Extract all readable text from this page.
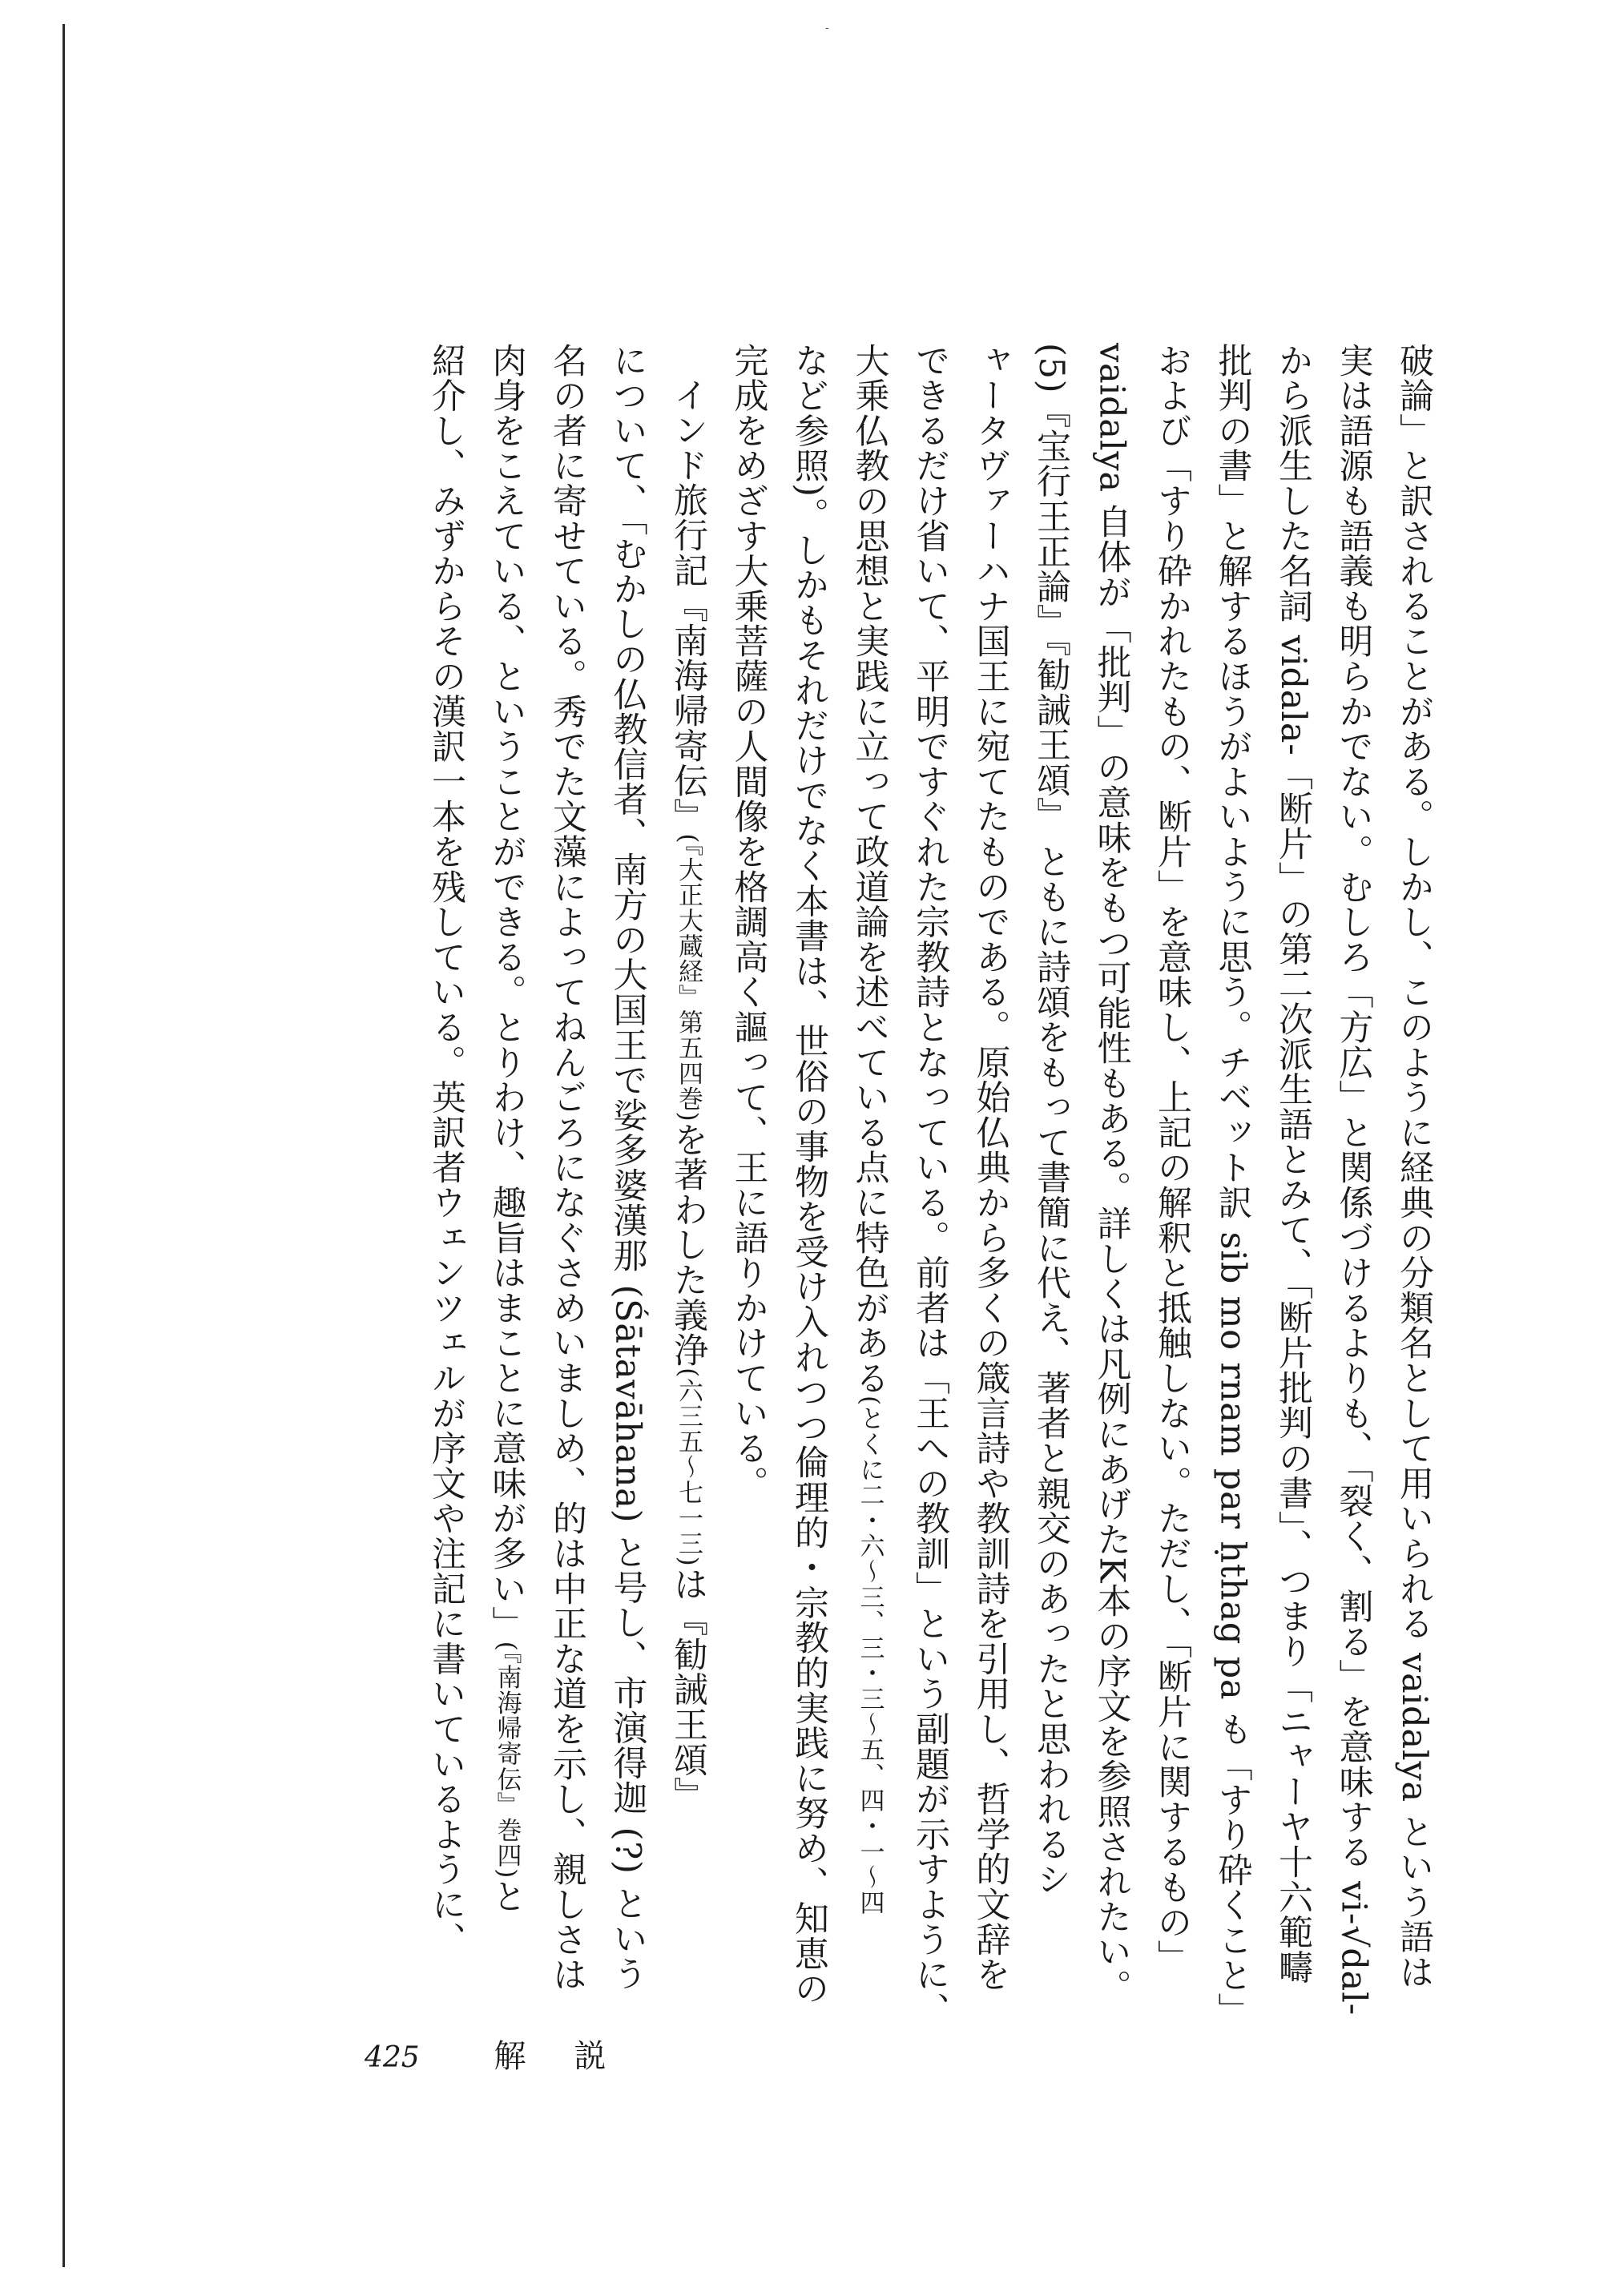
-
破論」と訳されることがある。しかし、このように経典の分類名として用いられる vaidalya という語は
実は語源も語義も明らかでない。むしろ「方広」と関係づけるよりも、「裂く、割る」を意味する vi-√dal-
から派生した名詞 vidala-「断片」の第二次派生語とみて、「断片批判の書」、つまり「ニャーヤ十六範疇
批判の書」と解するほうがよいように思う。チベット訳 sib mo rnam par ḥthag pa も「すり砕くこと」
および「すり砕かれたもの、断片」を意味し、上記の解釈と抵触しない。ただし、「断片に関するもの」
vaidalya 自体が「批判」の意味をもつ可能性もある。詳しくは凡例にあげたK本の序文を参照されたい。
(5)『宝行王正論』『勧誡王頌』 ともに詩頌をもって書簡に代え、著者と親交のあったと思われるシ
ャータヴァーハナ国王に宛てたものである。原始仏典から多くの箴言詩や教訓詩を引用し、哲学的文辞を
できるだけ省いて、平明ですぐれた宗教詩となっている。前者は「王への教訓」という副題が示すように、
大乗仏教の思想と実践に立って政道論を述べている点に特色がある(とくに二・六〜三、三・三〜五、四・一〜四
など参照)。しかもそれだけでなく本書は、世俗の事物を受け入れつつ倫理的・宗教的実践に努め、知恵の
完成をめざす大乗菩薩の人間像を格調高く謳って、王に語りかけている。
インド旅行記『南海帰寄伝』(『大正大蔵経』第五四巻)を著わした義浄(六三五〜七一三)は『勧誡王頌』
について、「むかしの仏教信者、南方の大国王で娑多婆漢那 (Śātavāhana) と号し、市演得迦 (?) という
名の者に寄せている。秀でた文藻によってねんごろになぐさめいましめ、的は中正な道を示し、親しさは
肉身をこえている、ということができる。とりわけ、趣旨はまことに意味が多い」(『南海帰寄伝』巻四)と
紹介し、みずからその漢訳一本を残している。英訳者ウェンツェルが序文や注記に書いているように、
425 解説
